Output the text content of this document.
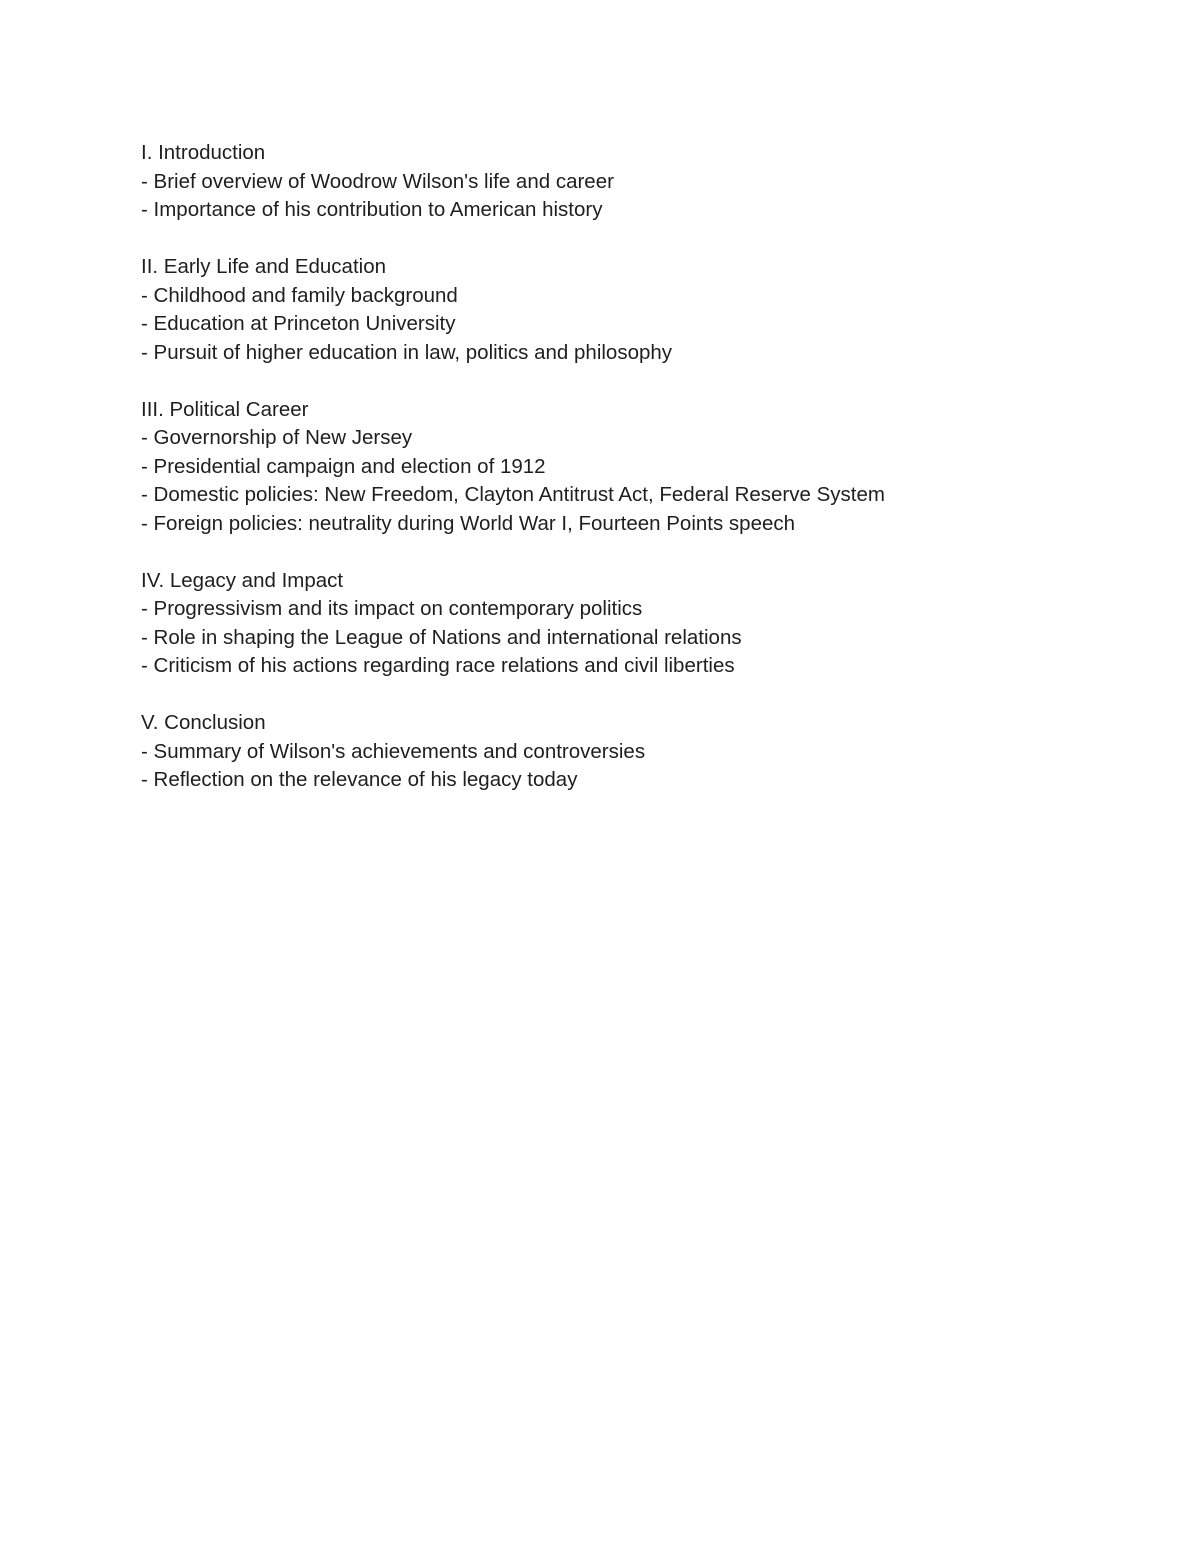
I. Introduction
- Brief overview of Woodrow Wilson's life and career
- Importance of his contribution to American history
II. Early Life and Education
- Childhood and family background
- Education at Princeton University
- Pursuit of higher education in law, politics and philosophy
III. Political Career
- Governorship of New Jersey
- Presidential campaign and election of 1912
- Domestic policies: New Freedom, Clayton Antitrust Act, Federal Reserve System
- Foreign policies: neutrality during World War I, Fourteen Points speech
IV. Legacy and Impact
- Progressivism and its impact on contemporary politics
- Role in shaping the League of Nations and international relations
- Criticism of his actions regarding race relations and civil liberties
V. Conclusion
- Summary of Wilson's achievements and controversies
- Reflection on the relevance of his legacy today
